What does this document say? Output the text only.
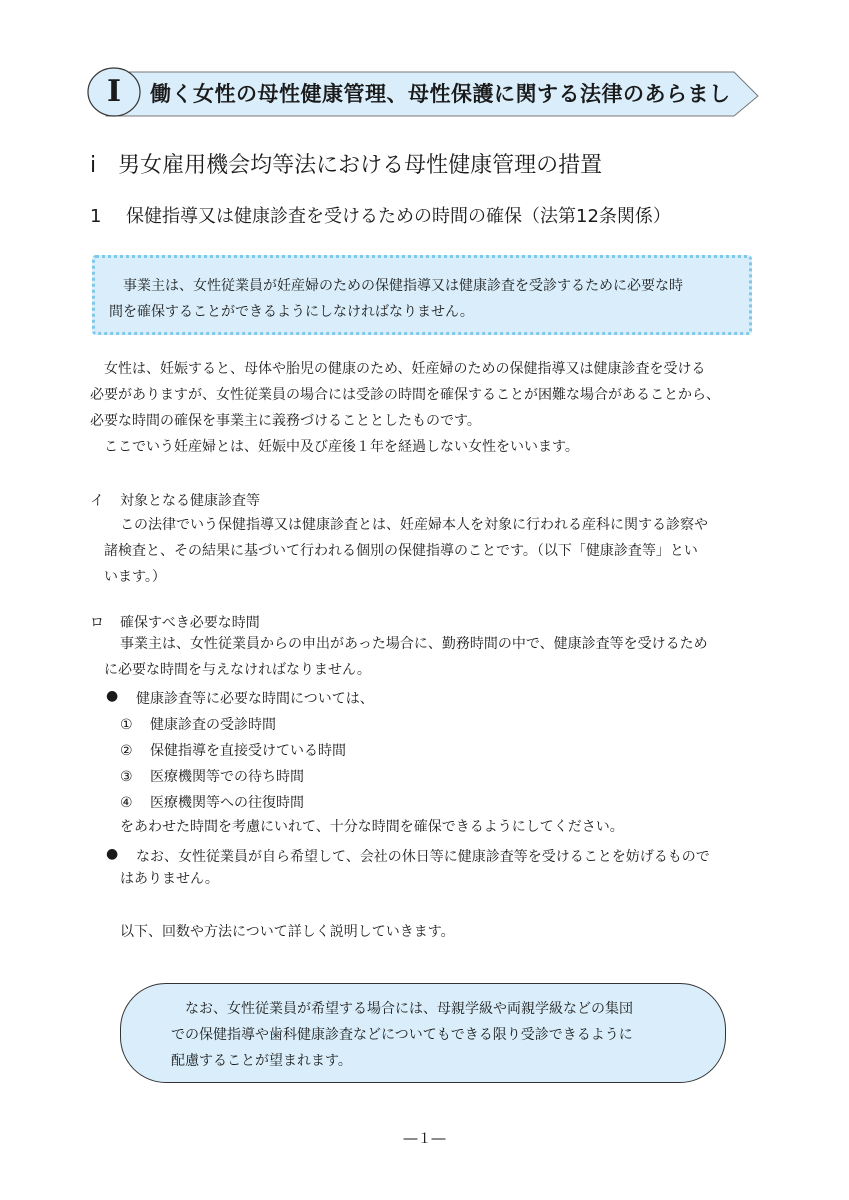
I	働く女性の母性健康管理、母性保護に関する法律のあらまし
i　男女雇用機会均等法における母性健康管理の措置
1 保健指導又は健康診査を受けるための時間の確保（法第12条関係）

　事業主は、女性従業員が妊産婦のための保健指導又は健康診査を受診するために必要な時
間を確保することができるようにしなければなりません。

女性は、妊娠すると、母体や胎児の健康のため、妊産婦のための保健指導又は健康診査を受ける
必要がありますが、女性従業員の場合には受診の時間を確保することが困難な場合があることから、
必要な時間の確保を事業主に義務づけることとしたものです。
ここでいう妊産婦とは、妊娠中及び産後１年を経過しない女性をいいます。
イ 対象となる健康診査等
この法律でいう保健指導又は健康診査とは、妊産婦本人を対象に行われる産科に関する診察や
諸検査と、その結果に基づいて行われる個別の保健指導のことです。（以下「健康診査等」とい
います。）
ロ 確保すべき必要な時間
事業主は、女性従業員からの申出があった場合に、勤務時間の中で、健康診査等を受けるため
に必要な時間を与えなければなりません。
● 健康診査等に必要な時間については、
① 健康診査の受診時間
② 保健指導を直接受けている時間
③ 医療機関等での待ち時間
④ 医療機関等への往復時間
をあわせた時間を考慮にいれて、十分な時間を確保できるようにしてください。
● なお、女性従業員が自ら希望して、会社の休日等に健康診査等を受けることを妨げるもので
はありません。
以下、回数や方法について詳しく説明していきます。

　なお、女性従業員が希望する場合には、母親学級や両親学級などの集団
での保健指導や歯科健康診査などについてもできる限り受診できるように
配慮することが望まれます。

―１―
